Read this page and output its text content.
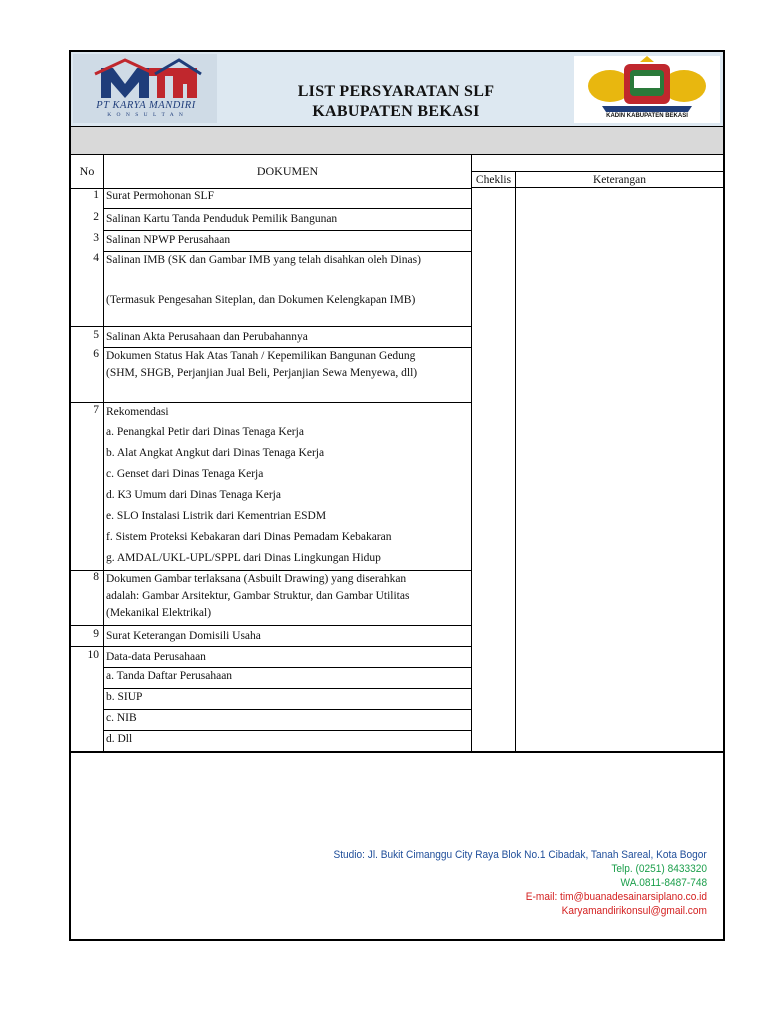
PT KARYA MANDIRI
K O N S U L T A N
LIST PERSYARATAN SLF
KABUPATEN BEKASI	KADIN KABUPATEN BEKASI
No	DOKUMEN
Cheklis	Keterangan
1 Surat Permohonan SLF
2 Salinan Kartu Tanda Penduduk Pemilik Bangunan
3 Salinan NPWP Perusahaan
4 Salinan IMB (SK dan Gambar IMB yang telah disahkan oleh Dinas)
(Termasuk Pengesahan Siteplan, dan Dokumen Kelengkapan IMB)
5 Salinan Akta Perusahaan dan Perubahannya
6 Dokumen Status Hak Atas Tanah / Kepemilikan Bangunan Gedung
(SHM, SHGB, Perjanjian Jual Beli, Perjanjian Sewa Menyewa, dll)
7 Rekomendasi
a. Penangkal Petir dari Dinas Tenaga Kerja
b. Alat Angkat Angkut dari Dinas Tenaga Kerja
c. Genset dari Dinas Tenaga Kerja
d. K3 Umum dari Dinas Tenaga Kerja
e. SLO Instalasi Listrik dari Kementrian ESDM
f. Sistem Proteksi Kebakaran dari Dinas Pemadam Kebakaran
g. AMDAL/UKL-UPL/SPPL dari Dinas Lingkungan Hidup
8 Dokumen Gambar terlaksana (Asbuilt Drawing) yang diserahkan
adalah: Gambar Arsitektur, Gambar Struktur, dan Gambar Utilitas
(Mekanikal Elektrikal)
9 Surat Keterangan Domisili Usaha
10 Data-data Perusahaan
a. Tanda Daftar Perusahaan
b. SIUP
c. NIB
d. Dll
Studio: Jl. Bukit Cimanggu City Raya Blok No.1 Cibadak, Tanah Sareal, Kota Bogor
Telp. (0251) 8433320
WA.0811-8487-748
E-mail: tim@buanadesainarsiplano.co.id
Karyamandirikonsul@gmail.com
